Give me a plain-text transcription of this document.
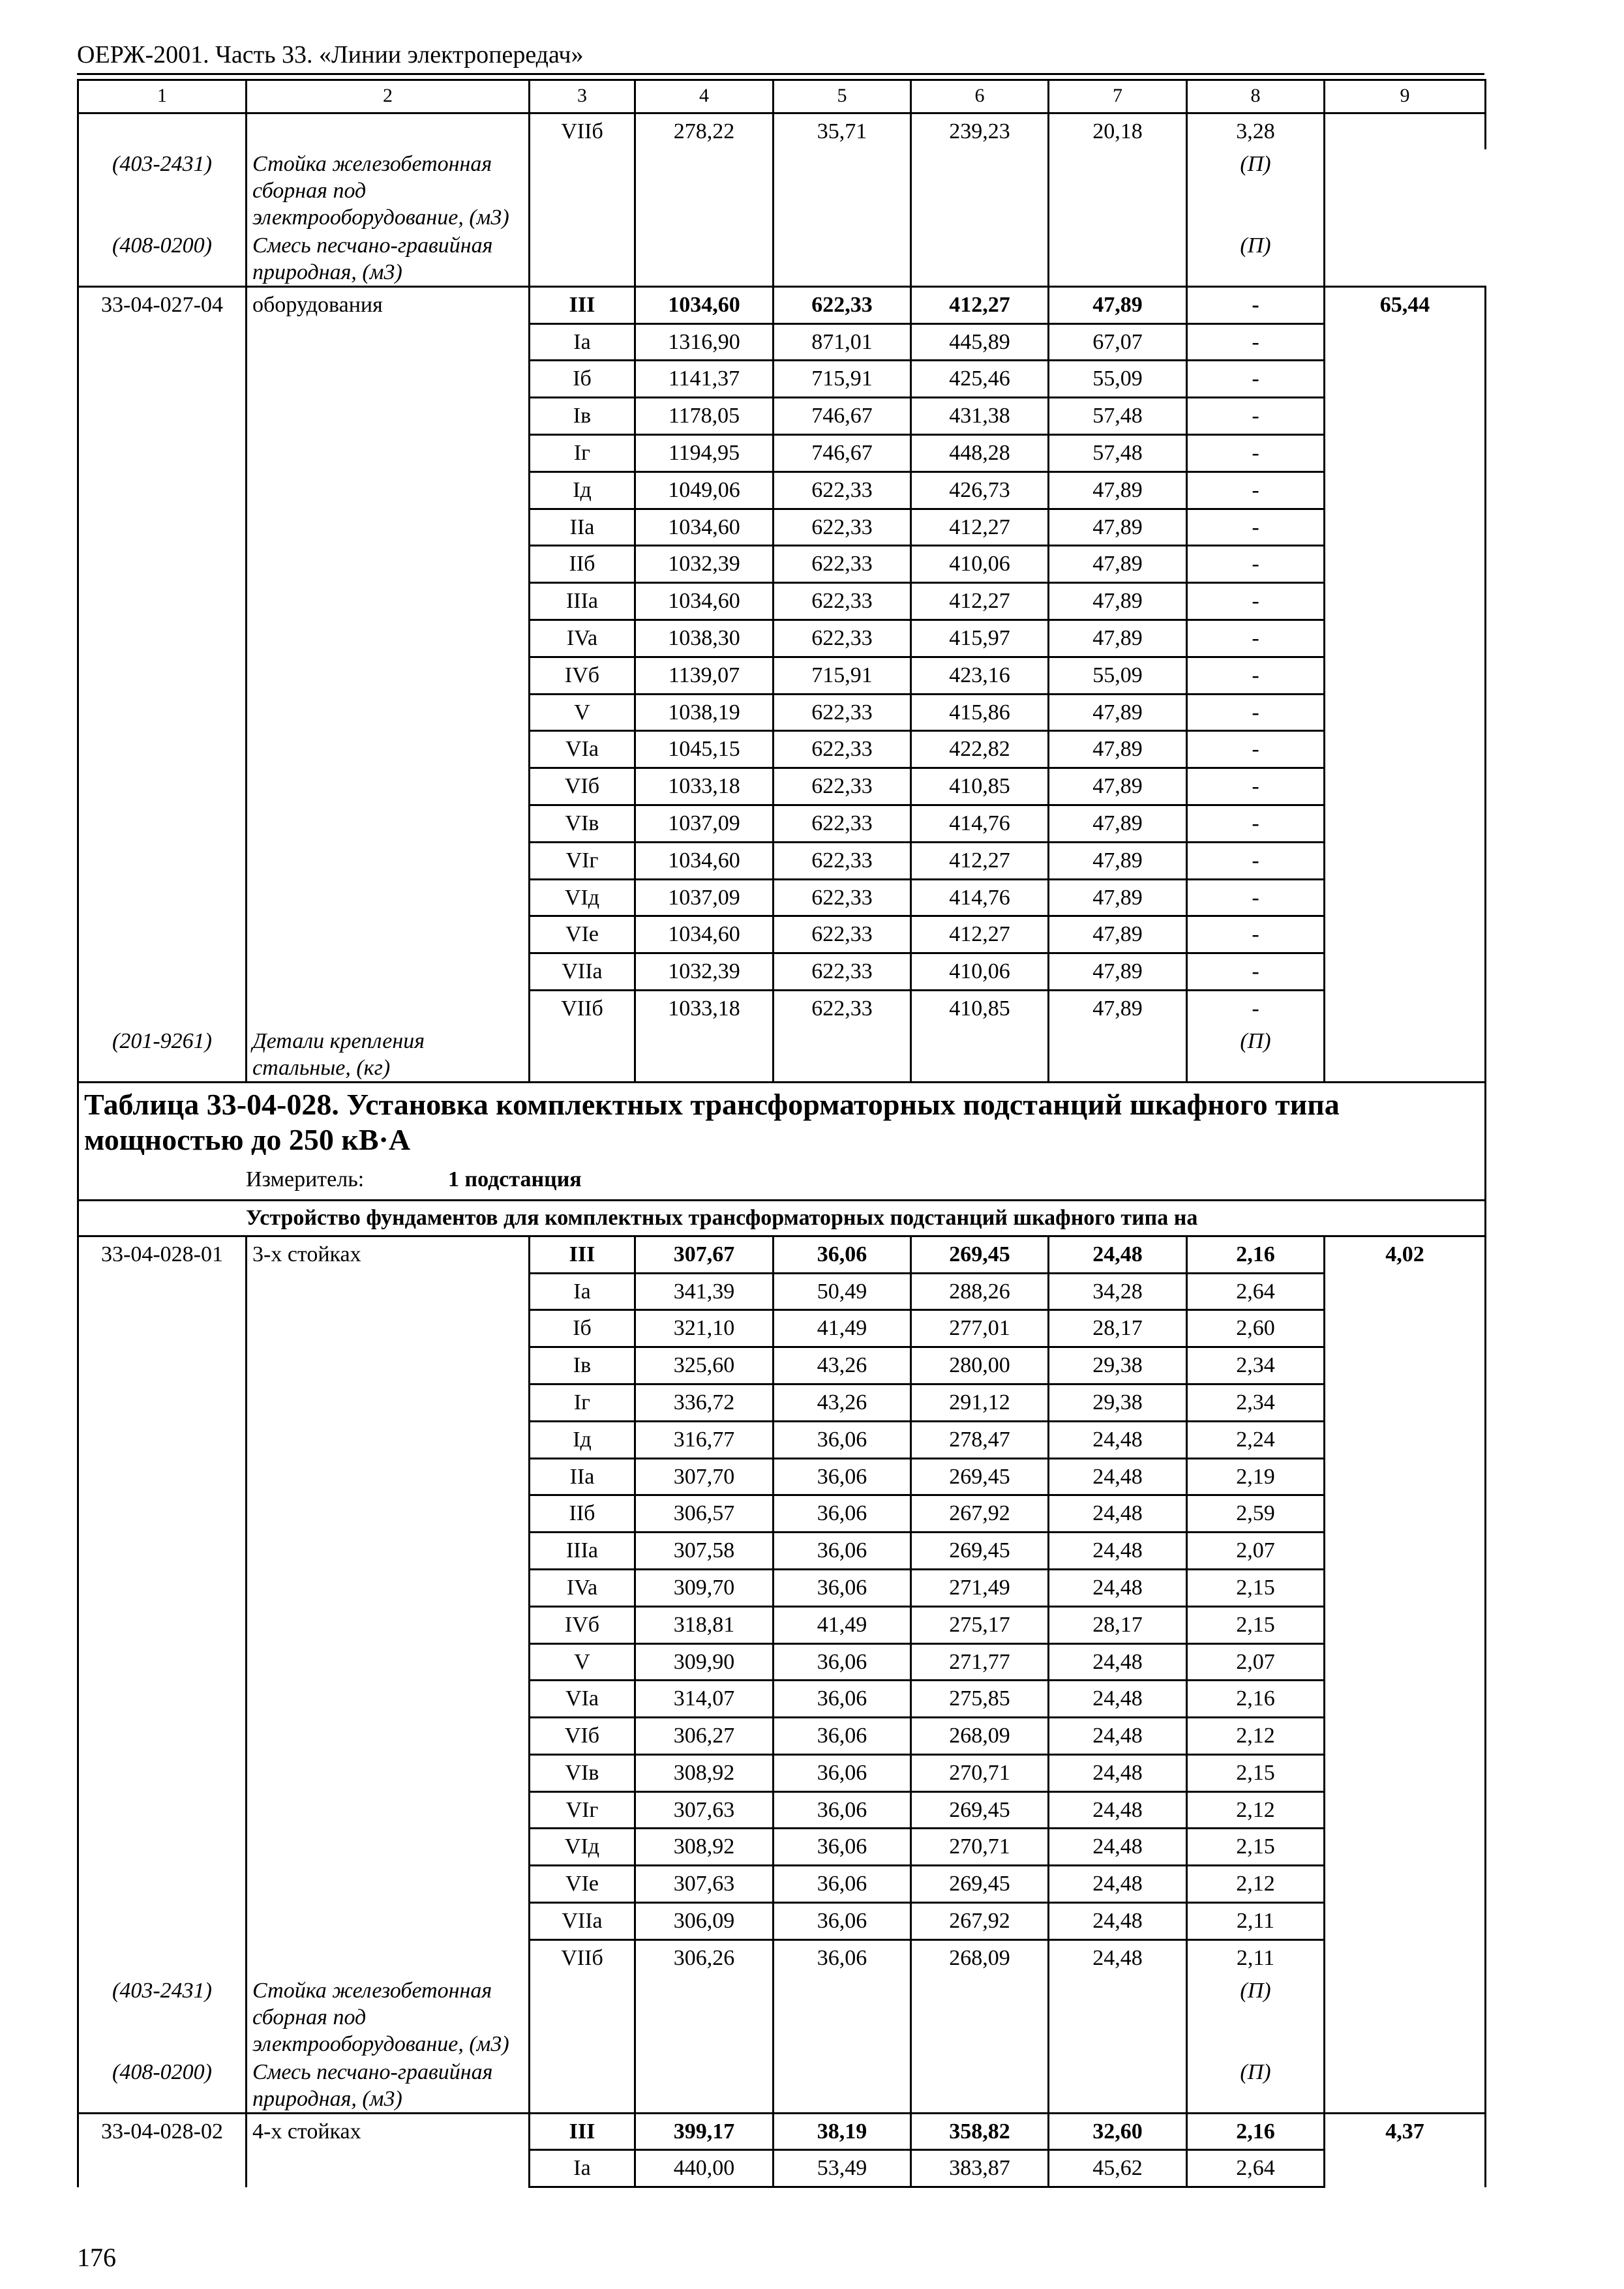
ОЕРЖ-2001. Часть 33. «Линии электропередач»
1	2	3	4	5	6	7	8	9
		VIIб	278,22	35,71	239,23	20,18	3,28	
(403-2431)	Стойка железобетонная сборная под электрооборудование, (м3)						(П)	
(408-0200)	Смесь песчано-гравийная природная, (м3)						(П)	
33-04-027-04	оборудования	III	1034,60	622,33	412,27	47,89	-	65,44
		Ia	1316,90	871,01	445,89	67,07	-	
		Iб	1141,37	715,91	425,46	55,09	-	
		Iв	1178,05	746,67	431,38	57,48	-	
		Iг	1194,95	746,67	448,28	57,48	-	
		Iд	1049,06	622,33	426,73	47,89	-	
		IIa	1034,60	622,33	412,27	47,89	-	
		IIб	1032,39	622,33	410,06	47,89	-	
		IIIa	1034,60	622,33	412,27	47,89	-	
		IVa	1038,30	622,33	415,97	47,89	-	
		IVб	1139,07	715,91	423,16	55,09	-	
		V	1038,19	622,33	415,86	47,89	-	
		VIa	1045,15	622,33	422,82	47,89	-	
		VIб	1033,18	622,33	410,85	47,89	-	
		VIв	1037,09	622,33	414,76	47,89	-	
		VIг	1034,60	622,33	412,27	47,89	-	
		VIд	1037,09	622,33	414,76	47,89	-	
		VIe	1034,60	622,33	412,27	47,89	-	
		VIIa	1032,39	622,33	410,06	47,89	-	
		VIIб	1033,18	622,33	410,85	47,89	-	
(201-9261)	Детали крепления стальные, (кг)						(П)	
Таблица 33-04-028. Установка комплектных трансформаторных подстанций шкафного типа мощностью до 250 кВ·А								
Измеритель: 1 подстанция								
Устройство фундаментов для комплектных трансформаторных подстанций шкафного типа на								
33-04-028-01	3-х стойках	III	307,67	36,06	269,45	24,48	2,16	4,02
		Ia	341,39	50,49	288,26	34,28	2,64	
		Iб	321,10	41,49	277,01	28,17	2,60	
		Iв	325,60	43,26	280,00	29,38	2,34	
		Iг	336,72	43,26	291,12	29,38	2,34	
		Iд	316,77	36,06	278,47	24,48	2,24	
		IIa	307,70	36,06	269,45	24,48	2,19	
		IIб	306,57	36,06	267,92	24,48	2,59	
		IIIa	307,58	36,06	269,45	24,48	2,07	
		IVa	309,70	36,06	271,49	24,48	2,15	
		IVб	318,81	41,49	275,17	28,17	2,15	
		V	309,90	36,06	271,77	24,48	2,07	
		VIa	314,07	36,06	275,85	24,48	2,16	
		VIб	306,27	36,06	268,09	24,48	2,12	
		VIв	308,92	36,06	270,71	24,48	2,15	
		VIг	307,63	36,06	269,45	24,48	2,12	
		VIд	308,92	36,06	270,71	24,48	2,15	
		VIe	307,63	36,06	269,45	24,48	2,12	
		VIIa	306,09	36,06	267,92	24,48	2,11	
		VIIб	306,26	36,06	268,09	24,48	2,11	
(403-2431)	Стойка железобетонная сборная под электрооборудование, (м3)						(П)	
(408-0200)	Смесь песчано-гравийная природная, (м3)						(П)	
33-04-028-02	4-х стойках	III	399,17	38,19	358,82	32,60	2,16	4,37
		Ia	440,00	53,49	383,87	45,62	2,64	
176
